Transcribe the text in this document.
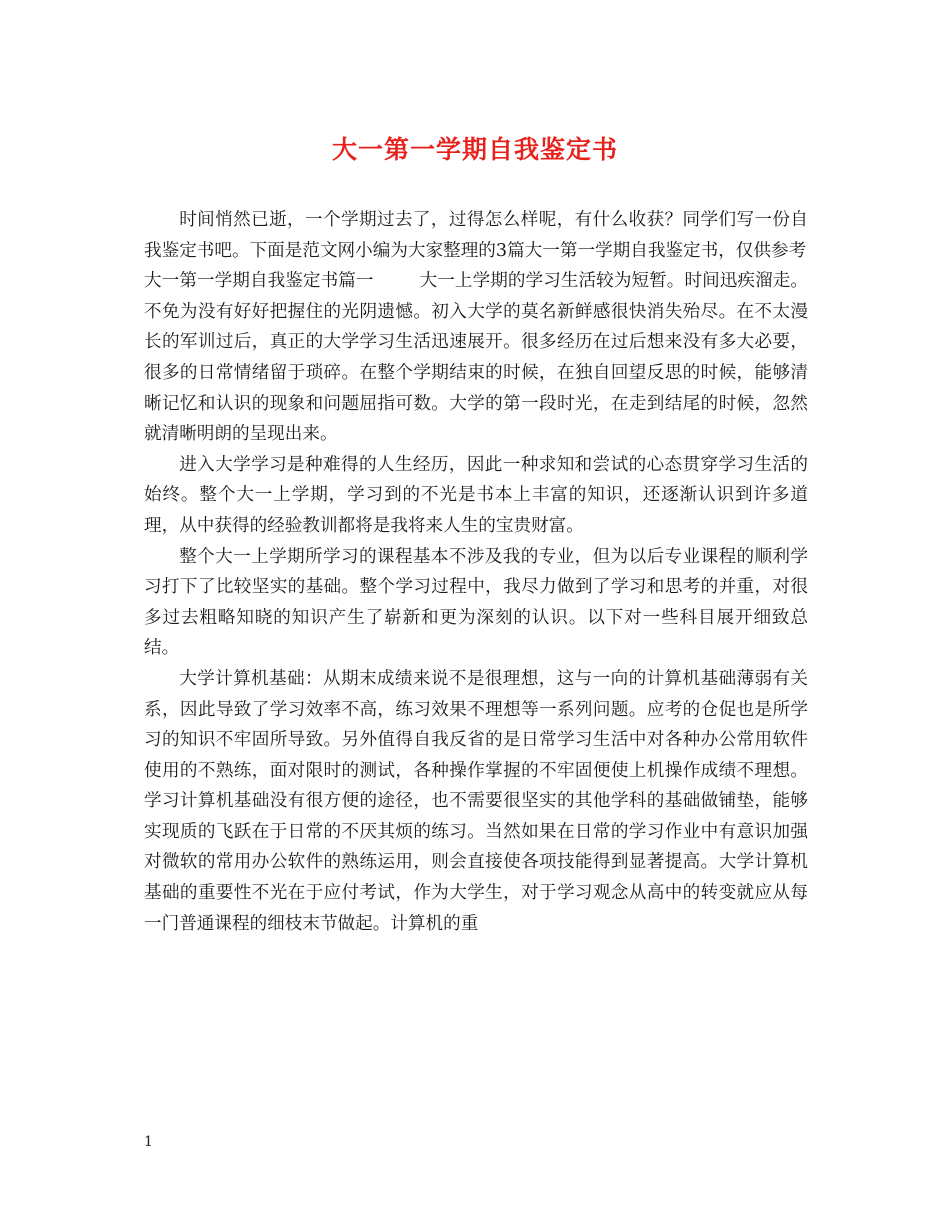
大一第一学期自我鉴定书

时间悄然已逝，一个学期过去了，过得怎么样呢，有什么收获？同学们写一份自我鉴定书吧。下面是范文网小编为大家整理的3篇大一第一学期自我鉴定书，仅供参考

大一第一学期自我鉴定书篇一	大一上学期的学习生活较为短暂。时间迅疾溜走。不免为没有好好把握住的光阴遗憾。初入大学的莫名新鲜感很快消失殆尽。在不太漫长的军训过后，真正的大学学习生活迅速展开。很多经历在过后想来没有多大必要，很多的日常情绪留于琐碎。在整个学期结束的时候，在独自回望反思的时候，能够清晰记忆和认识的现象和问题屈指可数。大学的第一段时光，在走到结尾的时候，忽然就清晰明朗的呈现出来。

进入大学学习是种难得的人生经历，因此一种求知和尝试的心态贯穿学习生活的始终。整个大一上学期，学习到的不光是书本上丰富的知识，还逐渐认识到许多道理，从中获得的经验教训都将是我将来人生的宝贵财富。

整个大一上学期所学习的课程基本不涉及我的专业，但为以后专业课程的顺利学习打下了比较坚实的基础。整个学习过程中，我尽力做到了学习和思考的并重，对很多过去粗略知晓的知识产生了崭新和更为深刻的认识。以下对一些科目展开细致总结。

大学计算机基础：从期末成绩来说不是很理想，这与一向的计算机基础薄弱有关系，因此导致了学习效率不高，练习效果不理想等一系列问题。应考的仓促也是所学习的知识不牢固所导致。另外值得自我反省的是日常学习生活中对各种办公常用软件使用的不熟练，面对限时的测试，各种操作掌握的不牢固便使上机操作成绩不理想。学习计算机基础没有很方便的途径，也不需要很坚实的其他学科的基础做铺垫，能够实现质的飞跃在于日常的不厌其烦的练习。当然如果在日常的学习作业中有意识加强对微软的常用办公软件的熟练运用，则会直接使各项技能得到显著提高。大学计算机基础的重要性不光在于应付考试，作为大学生，对于学习观念从高中的转变就应从每一门普通课程的细枝末节做起。计算机的重

1
